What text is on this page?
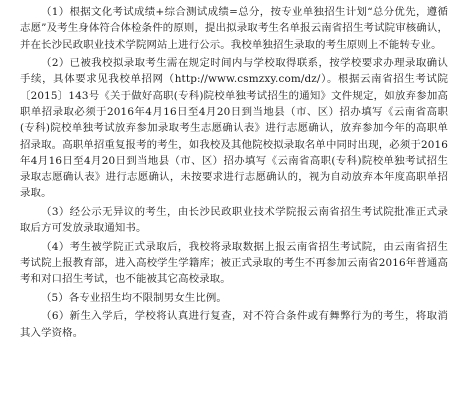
（1）根据文化考试成绩+综合测试成绩=总分，按专业单独招生计划“总分优先，遵循志愿”及考生身体符合体检条件的原则，提出拟录取考生名单报云南省招生考试院审核确认，并在长沙民政职业技术学院网站上进行公示。我校单独招生录取的考生原则上不能转专业。

（2）已被我校拟录取考生需在规定时间内与学校取得联系，按学校要求办理录取确认手续，具体要求见我校单招网（http://www.csmzxy.com/dz/）。根据云南省招生考试院〔2015〕143号《关于做好高职(专科)院校单独考试招生的通知》文件规定，如放弃参加高职单招录取必须于2016年4月16日至4月20日到当地县（市、区）招办填写《云南省高职(专科)院校单独考试放弃参加录取考生志愿确认表》进行志愿确认，放弃参加今年的高职单招录取。高职单招重复报考的考生，如我校及其他院校拟录取名单中同时出现，必须于2016年4月16日至4月20日到当地县（市、区）招办填写《云南省高职(专科)院校单独考试招生录取志愿确认表》进行志愿确认，未按要求进行志愿确认的，视为自动放弃本年度高职单招录取。

（3）经公示无异议的考生，由长沙民政职业技术学院报云南省招生考试院批准正式录取后方可发放录取通知书。

（4）考生被学院正式录取后，我校将录取数据上报云南省招生考试院，由云南省招生考试院上报教育部，进入高校学生学籍库；被正式录取的考生不再参加云南省2016年普通高考和对口招生考试，也不能被其它高校录取。

（5）各专业招生均不限制男女生比例。

（6）新生入学后，学校将认真进行复查，对不符合条件或有舞弊行为的考生，将取消其入学资格。
